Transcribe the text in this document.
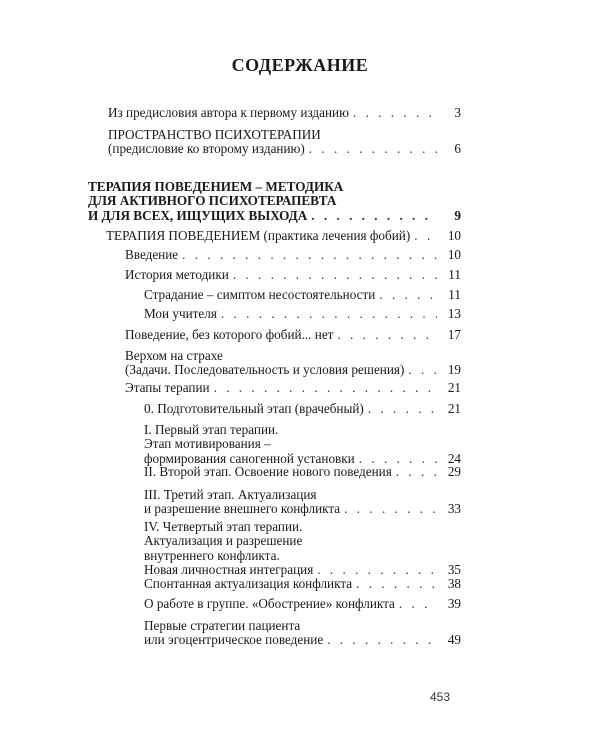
СОДЕРЖАНИЕ
Из предисловия автора к первому изданию . . .	3
ПРОСТРАНСТВО ПСИХОТЕРАПИИ
(предисловие ко второму изданию) . . .	6
ТЕРАПИЯ ПОВЕДЕНИЕМ – МЕТОДИКА
ДЛЯ АКТИВНОГО ПСИХОТЕРАПЕВТА
И ДЛЯ ВСЕХ, ИЩУЩИХ ВЫХОДА . . .	9
ТЕРАПИЯ ПОВЕДЕНИЕМ (практика лечения фобий) . . .	10
Введение . . .	10
История методики . . .	11
Страдание – симптом несостоятельности . . .	11
Мои учителя . . .	13
Поведение, без которого фобий... нет . . .	17
Верхом на страхе
(Задачи. Последовательность и условия решения) . . .	19
Этапы терапии . . .	21
0. Подготовительный этап (врачебный) . . .	21
I. Первый этап терапии.
Этап мотивирования –
формирования саногенной установки . . .	24
II. Второй этап. Освоение нового поведения . . .	29
III. Третий этап. Актуализация
и разрешение внешнего конфликта . . .	33
IV. Четвертый этап терапии.
Актуализация и разрешение
внутреннего конфликта.
Новая личностная интеграция . . .	35
Спонтанная актуализация конфликта . . .	38
О работе в группе. «Обострение» конфликта . . .	39
Первые стратегии пациента
или эгоцентрическое поведение . . .	49
453
